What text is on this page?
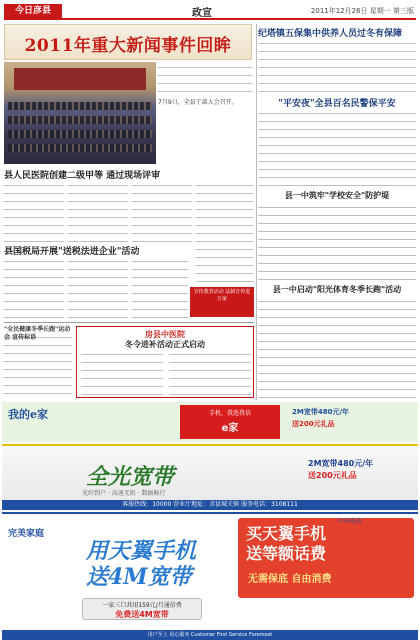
今日彦县	政宣	2011年12月26日 星期一 第三版
2011年重大新闻事件回眸
7月9日，全县干部大会召开。
县人民医院创建二级甲等 通过现场评审
县国税局开展"送税法进企业"活动
宣传教育活动 法制宣传进万家
"全民健康冬季长跑"运动会 宣传标语	房县中医院
冬令进补活动正式启动
纪塔镇五保集中供养人员过冬有保障
"平安夜"全县百名民警保平安
县一中筑牢"学校安全"防护堤
县一中启动"阳光体育冬季长跑"活动
我的e家	手机，我选我信
e家
2M宽带480元/年
送200元礼品
全光宽带
光纤到户 · 高速无阻 · 数据畅行
2M宽带480元/年
送200元礼品
客服热线：10000 营业厅地址：彦县城关镇 服务电话：3108111
完美家庭
用天翼手机
送4M宽带
一家三口共用159元/月通信费
免费送4M宽带
买天翼手机
送等额话费
无需保底 自由消费
中国电信
用户至上 用心服务 Customer First Service Foremost
